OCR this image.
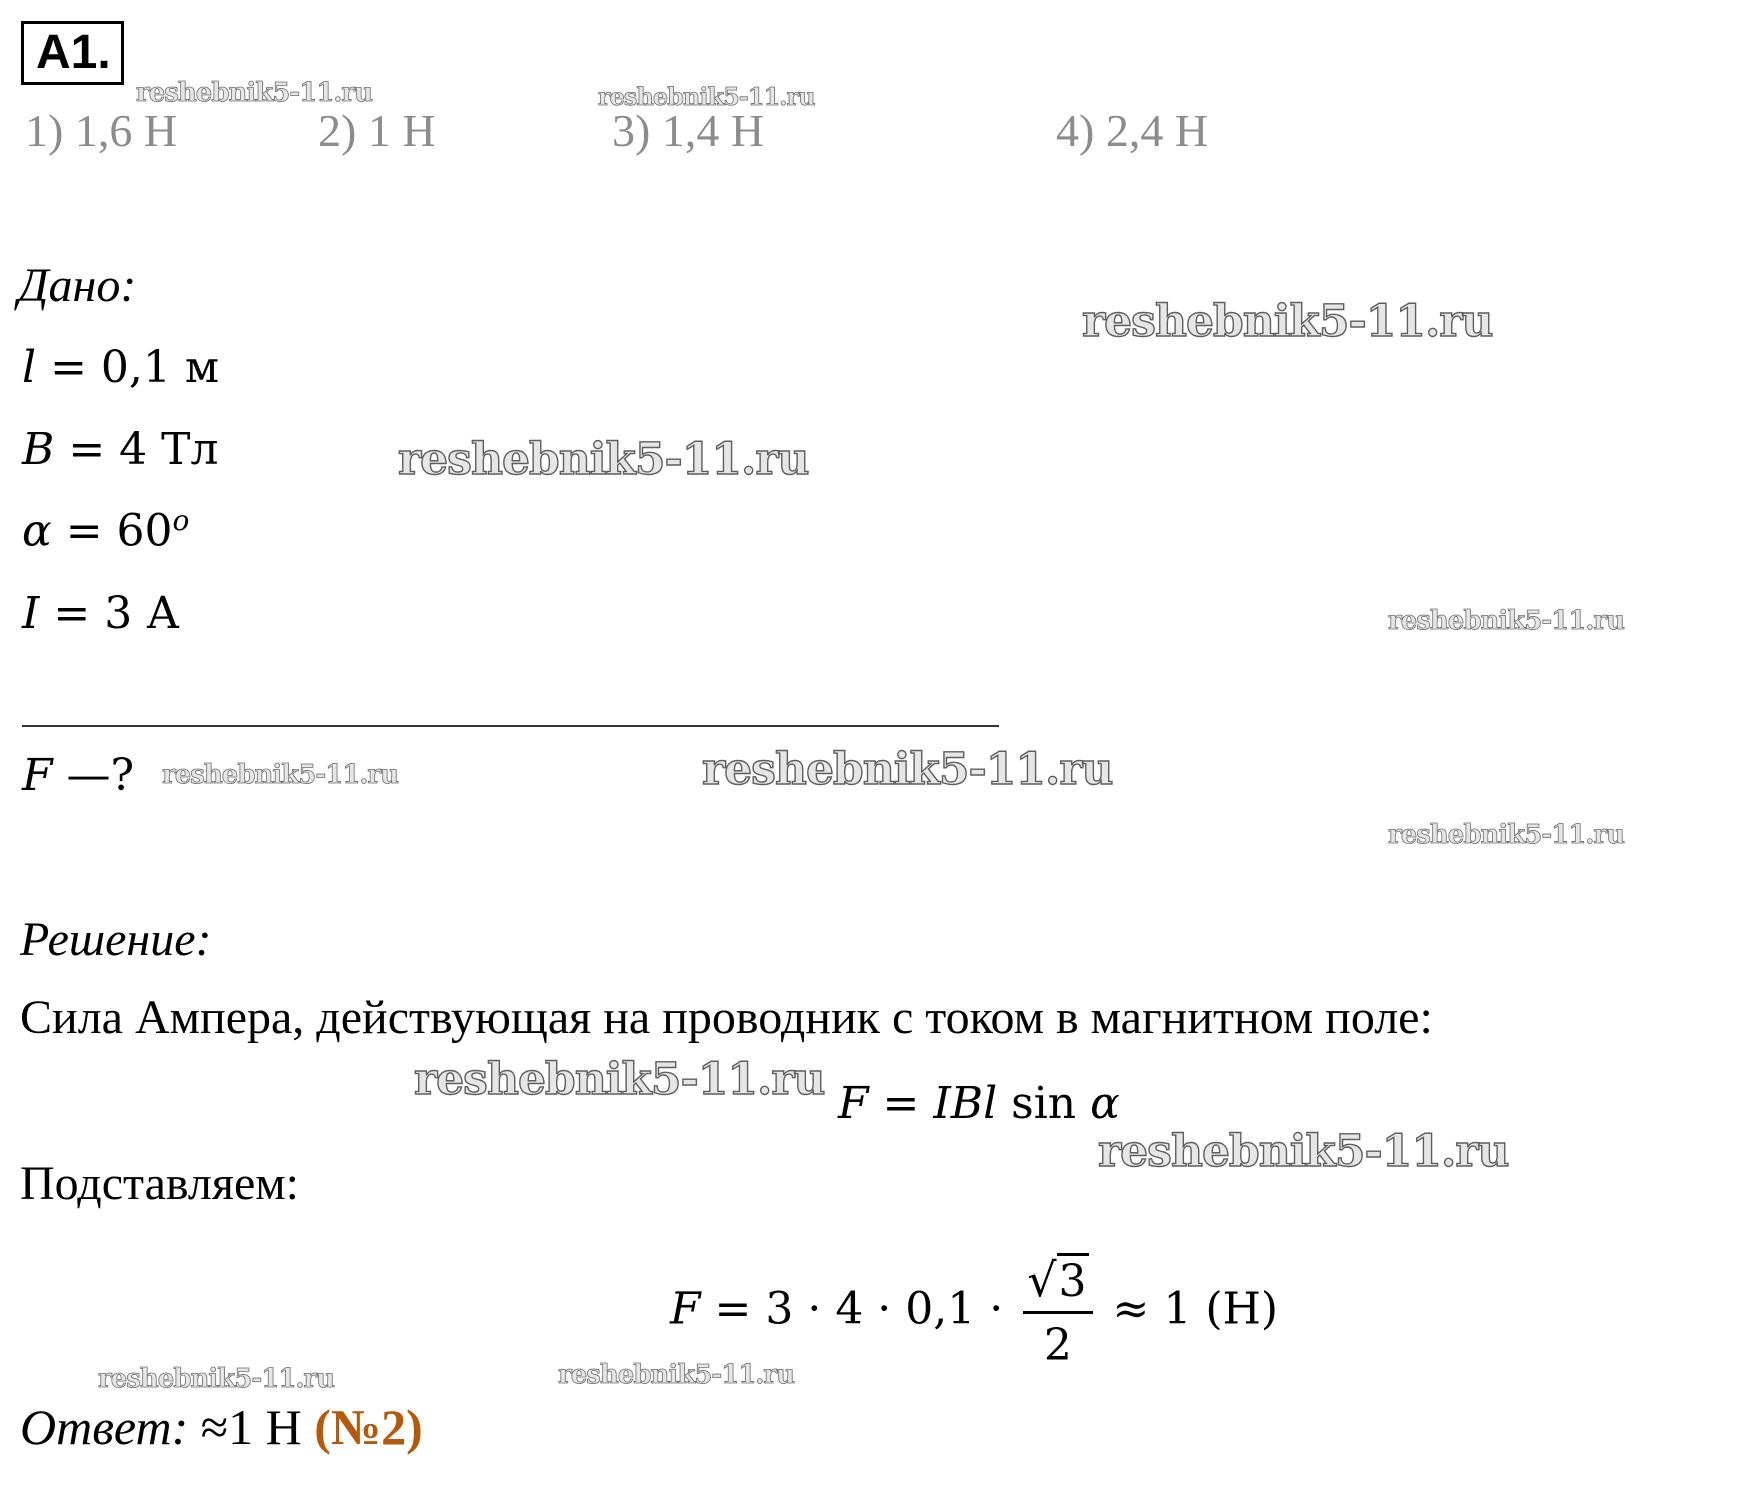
A1.
1) 1,6 Н	2) 1 Н	3) 1,4 Н	4) 2,4 Н
reshebnik5-11.ru	reshebnik5-11.ru
reshebnik5-11.ru
reshebnik5-11.ru
reshebnik5-11.ru
reshebnik5-11.ru	reshebnik5-11.ru
reshebnik5-11.ru
reshebnik5-11.ru
reshebnik5-11.ru
reshebnik5-11.ru	reshebnik5-11.ru
Дано:
l = 0,1 м
B = 4 Тл
$\alpha = 60^o$
I = 3 А
F —?
Решение:
Сила Ампера, действующая на проводник с током в магнитном поле:
F = IBl sin α
Подставляем:
$F = 3 \cdot 4 \cdot 0,1 \cdot \frac{√3}{2} \approx 1$ (Н)
Ответ: ≈1 Н (№2)
